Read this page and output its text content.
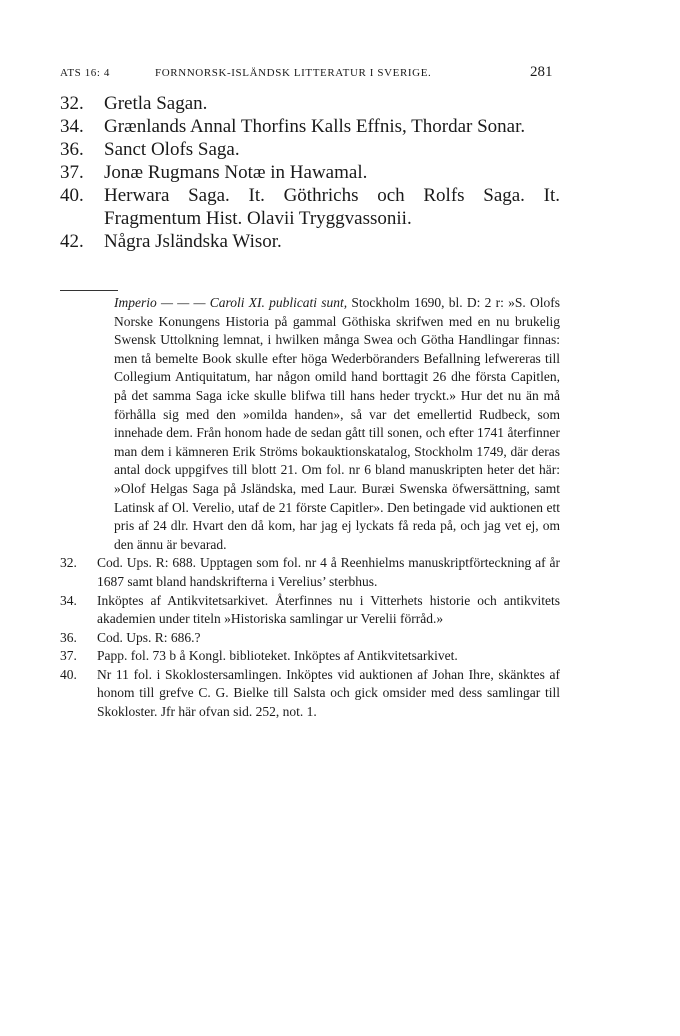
ATS 16: 4	FORNNORSK-ISLÄNDSK LITTERATUR I SVERIGE.	281
32. Gretla Sagan.
34. Grænlands Annal Thorfins Kalls Effnis, Thordar Sonar.
36. Sanct Olofs Saga.
37. Jonæ Rugmans Notæ in Hawamal.
40. Herwara Saga. It. Göthrichs och Rolfs Saga. It. Fragmentum Hist. Olavii Tryggvassonii.
42. Några Jsländska Wisor.
Imperio — — — Caroli XI. publicati sunt, Stockholm 1690, bl. D: 2 r: »S. Olofs Norske Konungens Historia på gammal Göthiska skrifwen med en nu brukelig Swensk Uttolkning lemnat, i hwilken många Swea och Götha Handlingar finnas: men tå bemelte Book skulle efter höga Wederböranders Befallning lefwereras till Collegium Antiquitatum, har någon omild hand borttagit 26 dhe första Capitlen, på det samma Saga icke skulle blifwa till hans heder tryckt.» Hur det nu än må förhålla sig med den »omilda handen», så var det emellertid Rudbeck, som innehade dem. Från honom hade de sedan gått till sonen, och efter 1741 återfinner man dem i kämneren Erik Ströms bokauktionskatalog, Stockholm 1749, där deras antal dock uppgifves till blott 21. Om fol. nr 6 bland manuskripten heter det här: »Olof Helgas Saga på Jsländska, med Laur. Buræi Swenska öfwersättning, samt Latinsk af Ol. Verelio, utaf de 21 förste Capitler». Den betingade vid auktionen ett pris af 24 dlr. Hvart den då kom, har jag ej lyckats få reda på, och jag vet ej, om den ännu är bevarad.
32. Cod. Ups. R: 688. Upptagen som fol. nr 4 å Reenhielms manuskriptförteckning af år 1687 samt bland handskrifterna i Verelius’ sterbhus.
34. Inköptes af Antikvitetsarkivet. Återfinnes nu i Vitterhets historie och antikvitets akademien under titeln »Historiska samlingar ur Verelii förråd.»
36. Cod. Ups. R: 686.?
37. Papp. fol. 73 b å Kongl. biblioteket. Inköptes af Antikvitetsarkivet.
40. Nr 11 fol. i Skoklostersamlingen. Inköptes vid auktionen af Johan Ihre, skänktes af honom till grefve C. G. Bielke till Salsta och gick omsider med dess samlingar till Skokloster. Jfr här ofvan sid. 252, not. 1.
